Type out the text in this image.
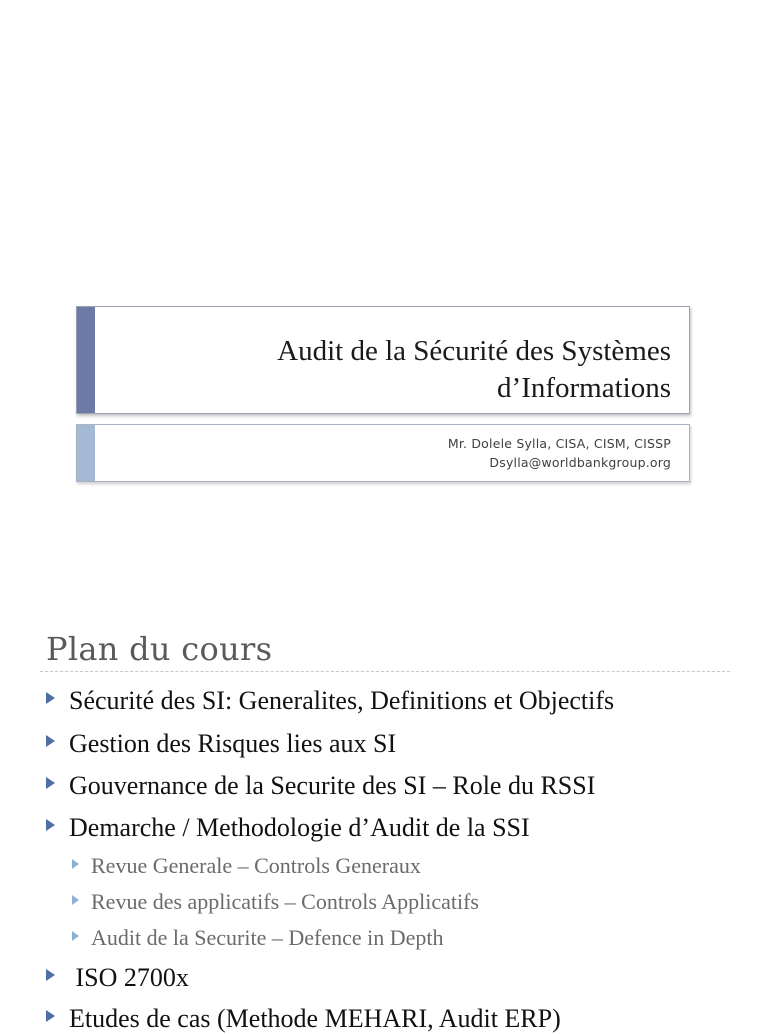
Audit de la Sécurité des Systèmes
d’Informations
Mr. Dolele Sylla, CISA, CISM, CISSP
Dsylla@worldbankgroup.org
Plan du cours
Sécurité des SI: Generalites, Definitions et Objectifs
Gestion des Risques lies aux SI
Gouvernance de la Securite des SI – Role du RSSI
Demarche / Methodologie d’Audit de la SSI
Revue Generale – Controls Generaux
Revue des applicatifs – Controls Applicatifs
Audit de la Securite – Defence in Depth
ISO 2700x
Etudes de cas (Methode MEHARI, Audit ERP)
